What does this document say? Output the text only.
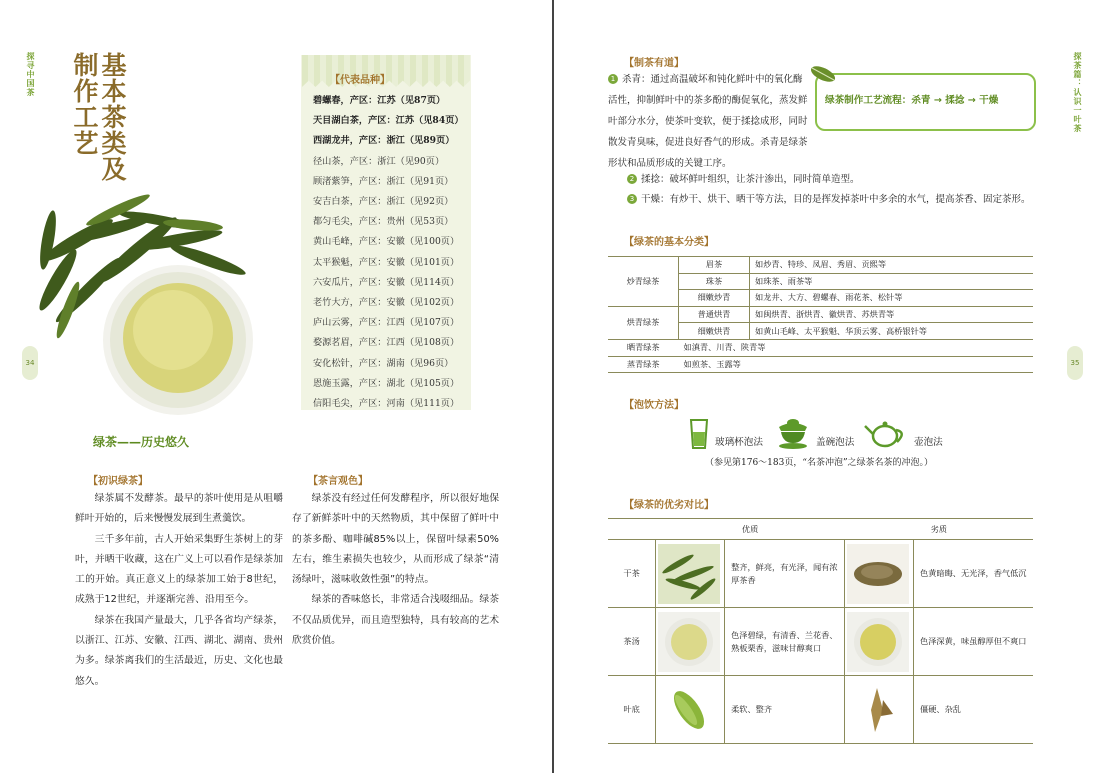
探寻中国茶	基本茶类及
制作工艺
34
【代表品种】
碧螺春，产区：江苏（见87页）
天目湖白茶，产区：江苏（见84页）
西湖龙井，产区：浙江（见89页）
径山茶，产区：浙江（见90页）
顾渚紫笋，产区：浙江（见91页）
安吉白茶，产区：浙江（见92页）
都匀毛尖，产区：贵州（见53页）
黄山毛峰，产区：安徽（见100页）
太平猴魁，产区：安徽（见101页）
六安瓜片，产区：安徽（见114页）
老竹大方，产区：安徽（见102页）
庐山云雾，产区：江西（见107页）
婺源茗眉，产区：江西（见108页）
安化松针，产区：湖南（见96页）
恩施玉露，产区：湖北（见105页）
信阳毛尖，产区：河南（见111页）
绿茶——历史悠久
【初识绿茶】

绿茶属不发酵茶。最早的茶叶使用是从咀嚼鲜叶开始的，后来慢慢发展到生煮羹饮。

三千多年前，古人开始采集野生茶树上的芽叶，并晒干收藏，这在广义上可以看作是绿茶加工的开始。真正意义上的绿茶加工始于8世纪，成熟于12世纪，并逐渐完善、沿用至今。

绿茶在我国产量最大，几乎各省均产绿茶，以浙江、江苏、安徽、江西、湖北、湖南、贵州为多。绿茶离我们的生活最近，历史、文化也最悠久。

【茶言观色】

绿茶没有经过任何发酵程序，所以很好地保存了新鲜茶叶中的天然物质，其中保留了鲜叶中的茶多酚、咖啡碱85%以上，保留叶绿素50%左右，维生素损失也较少，从而形成了绿茶“清汤绿叶，滋味收敛性强”的特点。

绿茶的香味悠长，非常适合浅啜细品。绿茶不仅品质优异，而且造型独特，具有较高的艺术欣赏价值。

探茶篇：认识一叶茶
35
【制茶有道】
绿茶制作工艺流程：杀青 → 揉捻 → 干燥
1 杀青：通过高温破坏和钝化鲜叶中的氧化酶活性，抑制鲜叶中的茶多酚的酶促氧化，蒸发鲜叶部分水分，使茶叶变软，便于揉捻成形，同时散发青臭味，促进良好香气的形成。杀青是绿茶形状和品质形成的关键工序。
2 揉捻：破坏鲜叶组织，让茶汁渗出，同时简单造型。
3 干燥：有炒干、烘干、晒干等方法，目的是挥发掉茶叶中多余的水气，提高茶香、固定茶形。
【绿茶的基本分类】
炒青绿茶	眉茶	如炒青、特珍、凤眉、秀眉、贡熙等
	珠茶	如珠茶、雨茶等
	细嫩炒青	如龙井、大方、碧螺春、雨花茶、松针等
烘青绿茶	普通烘青	如闽烘青、浙烘青、徽烘青、苏烘青等
	细嫩烘青	如黄山毛峰、太平猴魁、华顶云雾、高桥银针等
晒青绿茶	如滇青、川青、陕青等	
蒸青绿茶	如煎茶、玉露等	
【泡饮方法】
玻璃杯泡法	盖碗泡法	壶泡法
（参见第176～183页，“名茶冲泡”之绿茶名茶的冲泡。）
【绿茶的优劣对比】
	优质		劣质	
干茶		整齐，鲜亮，有光泽，闻有浓厚茶香		色黄暗晦、无光泽，香气低沉
茶汤		色泽碧绿，有清香、兰花香、熟板栗香，滋味甘醇爽口		色泽深黄，味虽醇厚但不爽口
叶底		柔软、整齐		僵硬、杂乱
